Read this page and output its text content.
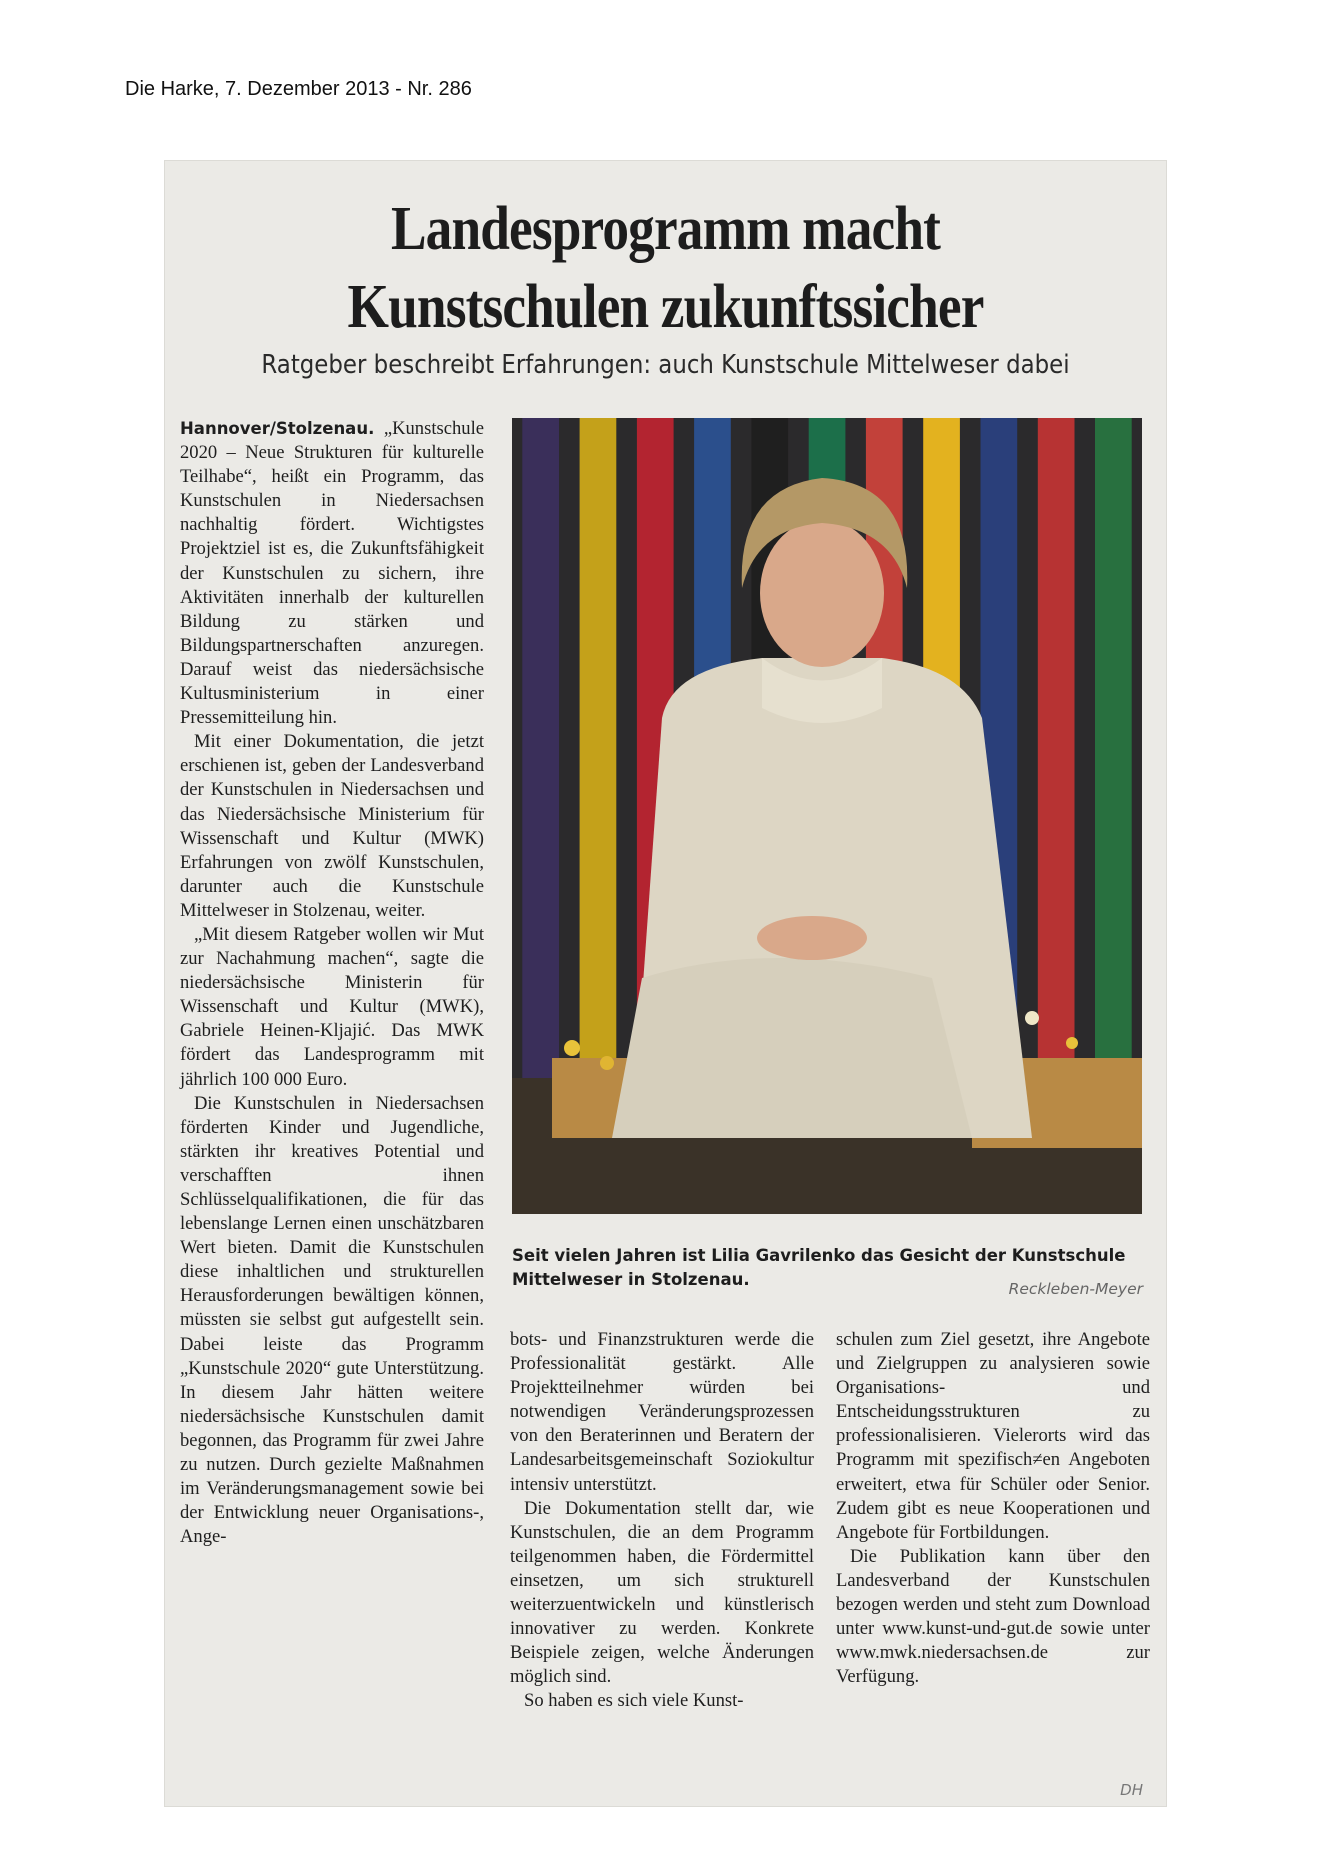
Die Harke, 7. Dezember 2013 - Nr. 286
Landesprogramm macht
Kunstschulen zukunftssicher
Ratgeber beschreibt Erfahrungen: auch Kunstschule Mittelweser dabei

Hannover/Stolzenau. „Kunstschule 2020 – Neue Strukturen für kulturelle Teilhabe“, heißt ein Programm, das Kunstschulen in Niedersachsen nachhaltig fördert. Wichtigstes Projektziel ist es, die Zukunftsfähigkeit der Kunstschulen zu sichern, ihre Aktivitäten innerhalb der kulturellen Bildung zu stärken und Bildungspartnerschaften anzuregen. Darauf weist das niedersächsische Kultusministerium in einer Pressemitteilung hin.

Mit einer Dokumentation, die jetzt erschienen ist, geben der Landesverband der Kunstschulen in Niedersachsen und das Niedersächsische Ministerium für Wissenschaft und Kultur (MWK) Erfahrungen von zwölf Kunstschulen, darunter auch die Kunstschule Mittelweser in Stolzenau, weiter.

„Mit diesem Ratgeber wollen wir Mut zur Nachahmung machen“, sagte die niedersächsische Ministerin für Wissenschaft und Kultur (MWK), Gabriele Heinen-Kljajić. Das MWK fördert das Landesprogramm mit jährlich 100 000 Euro.

Die Kunstschulen in Niedersachsen förderten Kinder und Jugendliche, stärkten ihr kreatives Potential und verschafften ihnen Schlüsselqualifikationen, die für das lebenslange Lernen einen unschätzbaren Wert bieten. Damit die Kunstschulen diese inhaltlichen und strukturellen Herausforderungen bewältigen können, müssten sie selbst gut aufgestellt sein. Dabei leiste das Programm „Kunstschule 2020“ gute Unterstützung. In diesem Jahr hätten weitere niedersächsische Kunstschulen damit begonnen, das Programm für zwei Jahre zu nutzen. Durch gezielte Maßnahmen im Veränderungsmanagement sowie bei der Entwicklung neuer Organisations-, Ange-

Seit vielen Jahren ist Lilia Gavrilenko das Gesicht der Kunstschule Mittelweser in Stolzenau.	Reckleben-Meyer

bots- und Finanzstrukturen werde die Professionalität gestärkt. Alle Projektteilnehmer würden bei notwendigen Veränderungsprozessen von den Beraterinnen und Beratern der Landesarbeitsgemeinschaft Soziokultur intensiv unterstützt.

Die Dokumentation stellt dar, wie Kunstschulen, die an dem Programm teilgenommen haben, die Fördermittel einsetzen, um sich strukturell weiterzuentwickeln und künstlerisch innovativer zu werden. Konkrete Beispiele zeigen, welche Änderungen möglich sind.

So haben es sich viele Kunst-

schulen zum Ziel gesetzt, ihre Angebote und Zielgruppen zu analysieren sowie Organisations- und Entscheidungsstrukturen zu professionalisieren. Vielerorts wird das Programm mit spezifisch≠en Angeboten erweitert, etwa für Schüler oder Senior. Zudem gibt es neue Kooperationen und Angebote für Fortbildungen.

Die Publikation kann über den Landesverband der Kunstschulen bezogen werden und steht zum Download unter www.kunst-und-gut.de sowie unter www.mwk.niedersachsen.de zur Verfügung.

DH
